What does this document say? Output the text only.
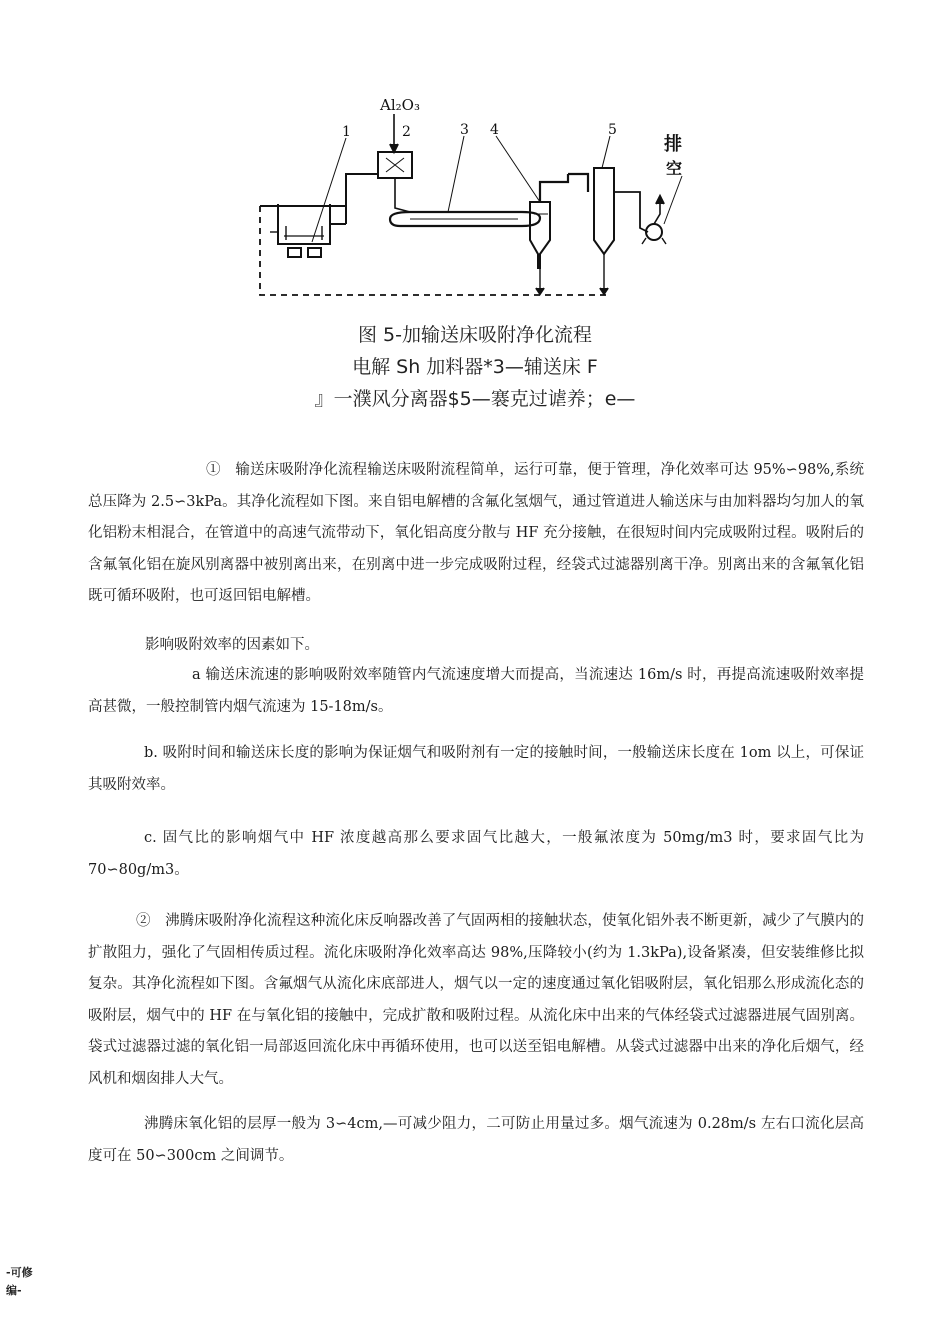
Al₂O₃
1	2	3 4	5
排
空
图 5-加输送床吸附净化流程
电解 Sh 加料器*3—辅送床 F
』一濮风分离器$5—褰克过谑养；e—

①　输送床吸附净化流程输送床吸附流程简单，运行可靠，便于管理，净化效率可达 95%∽98%,系统总压降为 2.5∽3kPa。其净化流程如下图。来自铝电解槽的含氟化氢烟气，通过管道进人输送床与由加料器均匀加人的氧化铝粉末相混合，在管道中的高速气流带动下，氧化铝高度分散与 HF 充分接触，在很短时间内完成吸附过程。吸附后的含氟氧化铝在旋风别离器中被别离出来，在别离中进一步完成吸附过程，经袋式过滤器别离干净。别离出来的含氟氧化铝既可循环吸附，也可返回铝电解槽。

影响吸附效率的因素如下。

a 输送床流速的影响吸附效率随管内气流速度增大而提高，当流速达 16m/s 时，再提高流速吸附效率提高甚微，一般控制管内烟气流速为 15-18m/s。

b. 吸附时间和输送床长度的影响为保证烟气和吸附剂有一定的接触时间，一般输送床长度在 1om 以上，可保证其吸附效率。

c. 固气比的影响烟气中 HF 浓度越高那么要求固气比越大，一般氟浓度为 50mg/m3 时，要求固气比为 70∽80g/m3。

②　沸腾床吸附净化流程这种流化床反响器改善了气固两相的接触状态，使氧化铝外表不断更新，减少了气膜内的扩散阻力，强化了气固相传质过程。流化床吸附净化效率高达 98%,压降较小(约为 1.3kPa),设备紧凑，但安装维修比拟复杂。其净化流程如下图。含氟烟气从流化床底部进人，烟气以一定的速度通过氧化铝吸附层，氧化铝那么形成流化态的吸附层，烟气中的 HF 在与氧化铝的接触中，完成扩散和吸附过程。从流化床中出来的气体经袋式过滤器进展气固别离。袋式过滤器过滤的氧化铝一局部返回流化床中再循环使用，也可以送至铝电解槽。从袋式过滤器中出来的净化后烟气，经风机和烟囱排人大气。

沸腾床氧化铝的层厚一般为 3∽4cm,—可减少阻力，二可防止用量过多。烟气流速为 0.28m/s 左右口流化层高度可在 50∽300cm 之间调节。

-可修
编-
